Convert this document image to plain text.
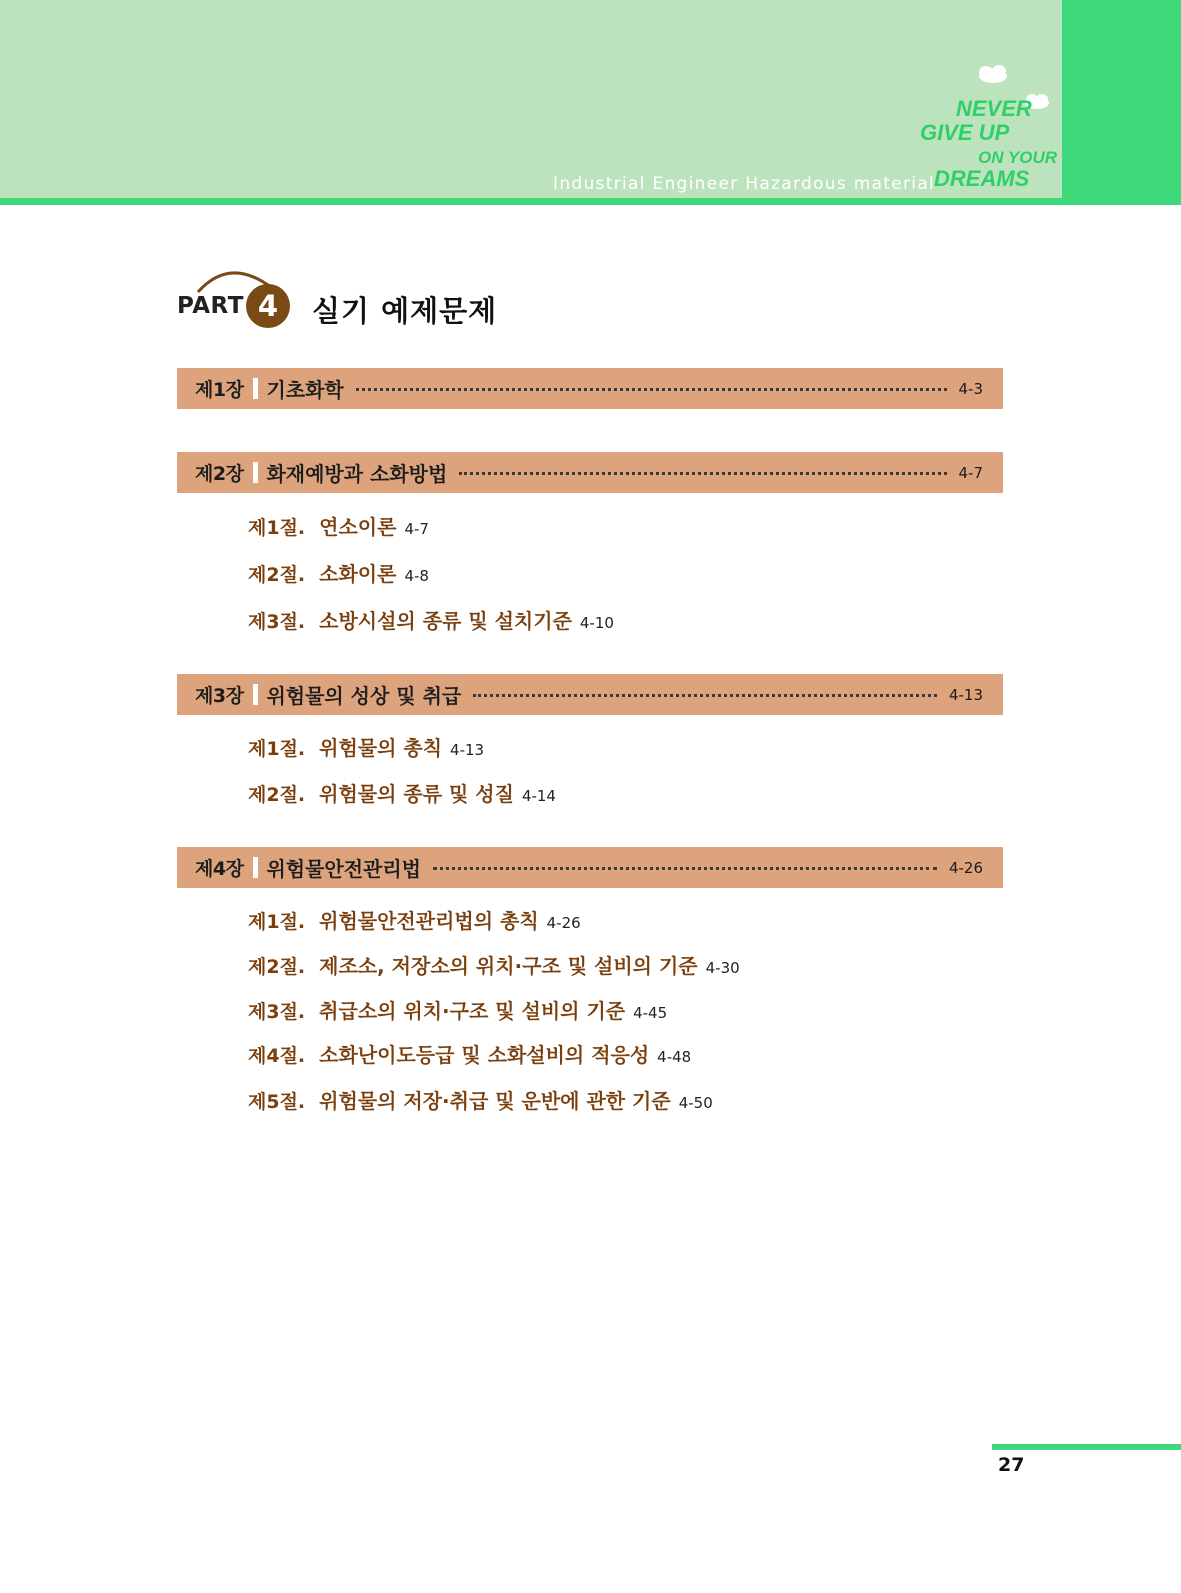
Industrial Engineer Hazardous material
NEVER
GIVE UP
ON YOUR
DREAMS
PART 4	실기 예제문제
제1장 기초화학	4-3
제2장 화재예방과 소화방법	4-7
제1절. 연소이론 4-7
제2절. 소화이론 4-8
제3절. 소방시설의 종류 및 설치기준 4-10
제3장 위험물의 성상 및 취급	4-13
제1절. 위험물의 총칙 4-13
제2절. 위험물의 종류 및 성질 4-14
제4장 위험물안전관리법	4-26
제1절. 위험물안전관리법의 총칙 4-26
제2절. 제조소, 저장소의 위치·구조 및 설비의 기준 4-30
제3절. 취급소의 위치·구조 및 설비의 기준 4-45
제4절. 소화난이도등급 및 소화설비의 적응성 4-48
제5절. 위험물의 저장·취급 및 운반에 관한 기준 4-50
27
